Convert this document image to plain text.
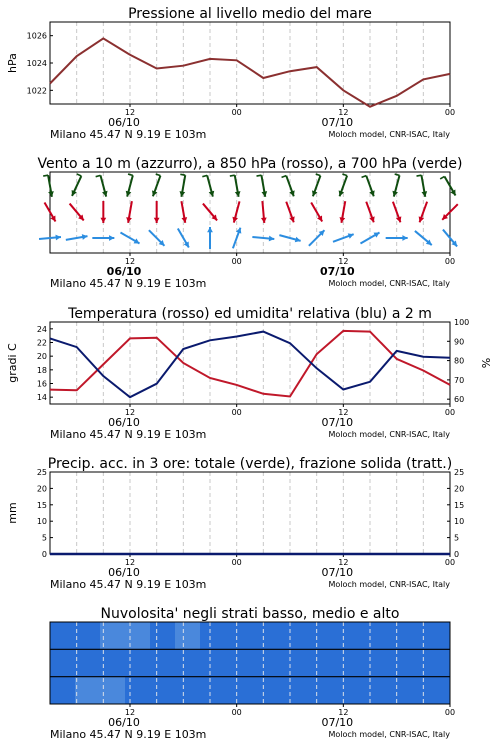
Pressione al livello medio del mare
12	00	12	00
06/10	07/10
Milano 45.47 N 9.19 E 103m	Moloch model, CNR-ISAC, Italy
1022
1024
1026
hPa
Vento a 10 m (azzurro), a 850 hPa (rosso), a 700 hPa (verde)
12	00	12	00
06/10	07/10
Milano 45.47 N 9.19 E 103m	Moloch model, CNR-ISAC, Italy
Temperatura (rosso) ed umidita' relativa (blu) a 2 m
12	00	12	00
06/10	07/10
Milano 45.47 N 9.19 E 103m	Moloch model, CNR-ISAC, Italy
14
16
18
20
22
24
60
70
80
90
100
gradi C	%
Precip. acc. in 3 ore: totale (verde), frazione solida (tratt.)
12	00	12	00
06/10	07/10
Milano 45.47 N 9.19 E 103m	Moloch model, CNR-ISAC, Italy
0	0
5	5
10	10
15	15
20	20
25	25
mm
Nuvolosita' negli strati basso, medio e alto
12	00	12	00
06/10	07/10
Milano 45.47 N 9.19 E 103m	Moloch model, CNR-ISAC, Italy
